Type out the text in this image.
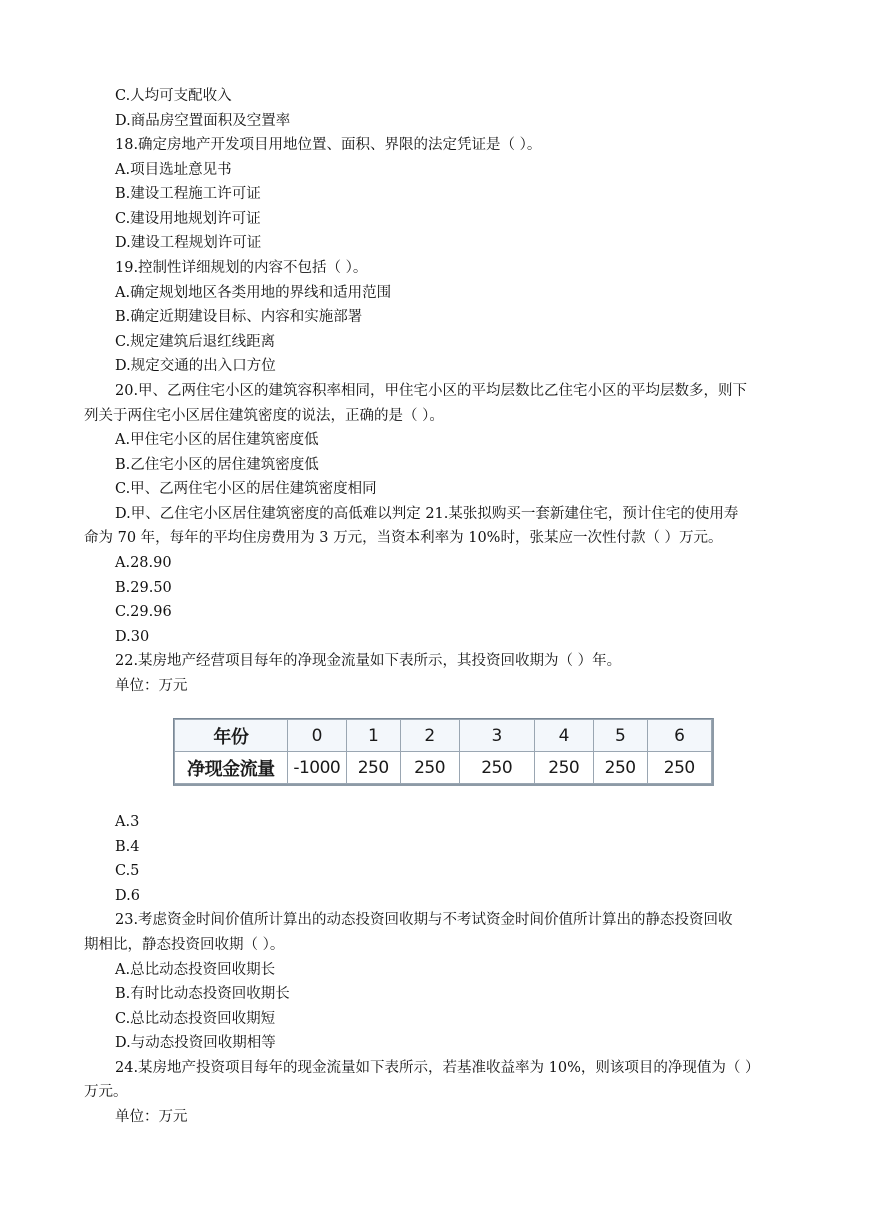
C.人均可支配收入
D.商品房空置面积及空置率
18.确定房地产开发项目用地位置、面积、界限的法定凭证是（ ）。
A.项目选址意见书
B.建设工程施工许可证
C.建设用地规划许可证
D.建设工程规划许可证
19.控制性详细规划的内容不包括（ ）。
A.确定规划地区各类用地的界线和适用范围
B.确定近期建设目标、内容和实施部署
C.规定建筑后退红线距离
D.规定交通的出入口方位
20.甲、乙两住宅小区的建筑容积率相同，甲住宅小区的平均层数比乙住宅小区的平均层数多，则下
列关于两住宅小区居住建筑密度的说法，正确的是（ ）。
A.甲住宅小区的居住建筑密度低
B.乙住宅小区的居住建筑密度低
C.甲、乙两住宅小区的居住建筑密度相同
D.甲、乙住宅小区居住建筑密度的高低难以判定 21.某张拟购买一套新建住宅，预计住宅的使用寿
命为 70 年，每年的平均住房费用为 3 万元，当资本利率为 10%时，张某应一次性付款（ ）万元。
A.28.90
B.29.50
C.29.96
D.30
22.某房地产经营项目每年的净现金流量如下表所示，其投资回收期为（ ）年。
单位：万元
年份	0	1	2	3	4	5	6
净现金流量	-1000	250	250	250	250	250	250
A.3
B.4
C.5
D.6
23.考虑资金时间价值所计算出的动态投资回收期与不考试资金时间价值所计算出的静态投资回收
期相比，静态投资回收期（ ）。
A.总比动态投资回收期长
B.有时比动态投资回收期长
C.总比动态投资回收期短
D.与动态投资回收期相等
24.某房地产投资项目每年的现金流量如下表所示，若基准收益率为 10%，则该项目的净现值为（ ）
万元。
单位：万元
